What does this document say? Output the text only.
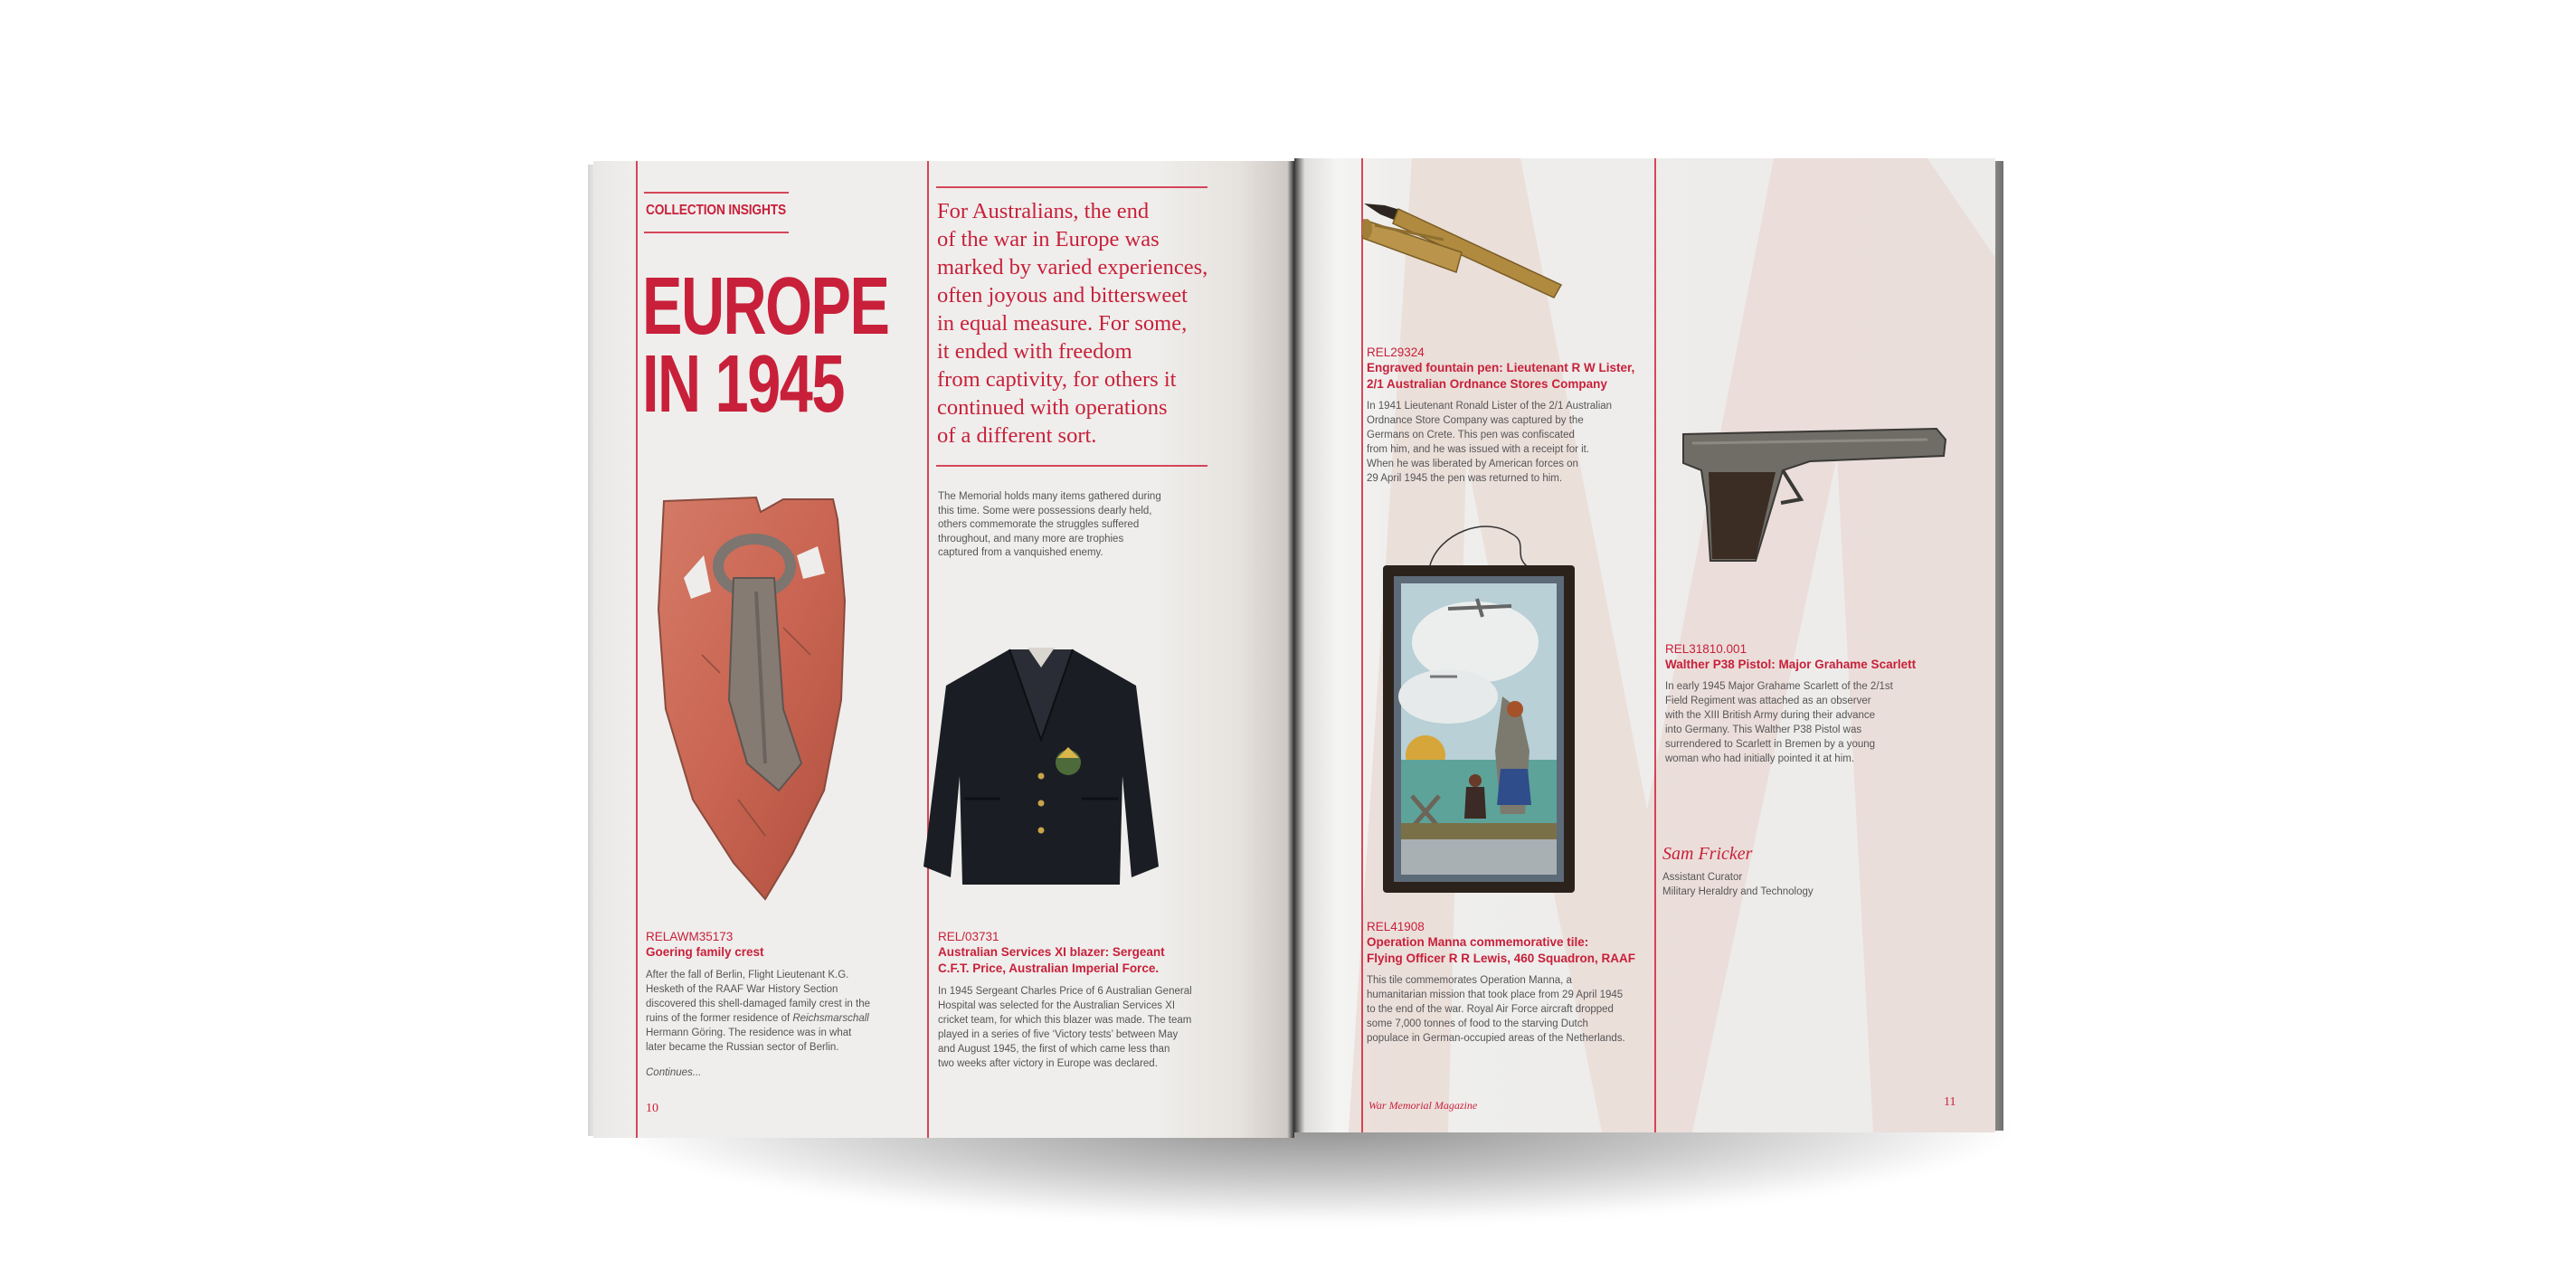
COLLECTION INSIGHTS
EUROPE
IN 1945
For Australians, the end
of the war in Europe was
marked by varied experiences,
often joyous and bittersweet
in equal measure. For some,
it ended with freedom
from captivity, for others it
continued with operations
of a different sort.
The Memorial holds many items gathered during
this time. Some were possessions dearly held,
others commemorate the struggles suffered
throughout, and many more are trophies
captured from a vanquished enemy.
RELAWM35173
Goering family crest
After the fall of Berlin, Flight Lieutenant K.G.
Hesketh of the RAAF War History Section
discovered this shell-damaged family crest in the
ruins of the former residence of Reichsmarschall
Hermann Göring. The residence was in what
later became the Russian sector of Berlin.
Continues...
10
REL/03731
Australian Services XI blazer: Sergeant
C.F.T. Price, Australian Imperial Force.
In 1945 Sergeant Charles Price of 6 Australian General
Hospital was selected for the Australian Services XI
cricket team, for which this blazer was made. The team
played in a series of five ‘Victory tests’ between May
and August 1945, the first of which came less than
two weeks after victory in Europe was declared.
REL29324
Engraved fountain pen: Lieutenant R W Lister,
2/1 Australian Ordnance Stores Company
In 1941 Lieutenant Ronald Lister of the 2/1 Australian
Ordnance Store Company was captured by the
Germans on Crete. This pen was confiscated
from him, and he was issued with a receipt for it.
When he was liberated by American forces on
29 April 1945 the pen was returned to him.
REL41908
Operation Manna commemorative tile:
Flying Officer R R Lewis, 460 Squadron, RAAF
This tile commemorates Operation Manna, a
humanitarian mission that took place from 29 April 1945
to the end of the war. Royal Air Force aircraft dropped
some 7,000 tonnes of food to the starving Dutch
populace in German-occupied areas of the Netherlands.
REL31810.001
Walther P38 Pistol: Major Grahame Scarlett
In early 1945 Major Grahame Scarlett of the 2/1st
Field Regiment was attached as an observer
with the XIII British Army during their advance
into Germany. This Walther P38 Pistol was
surrendered to Scarlett in Bremen by a young
woman who had initially pointed it at him.
Sam Fricker
Assistant Curator
Military Heraldry and Technology
War Memorial Magazine	11
